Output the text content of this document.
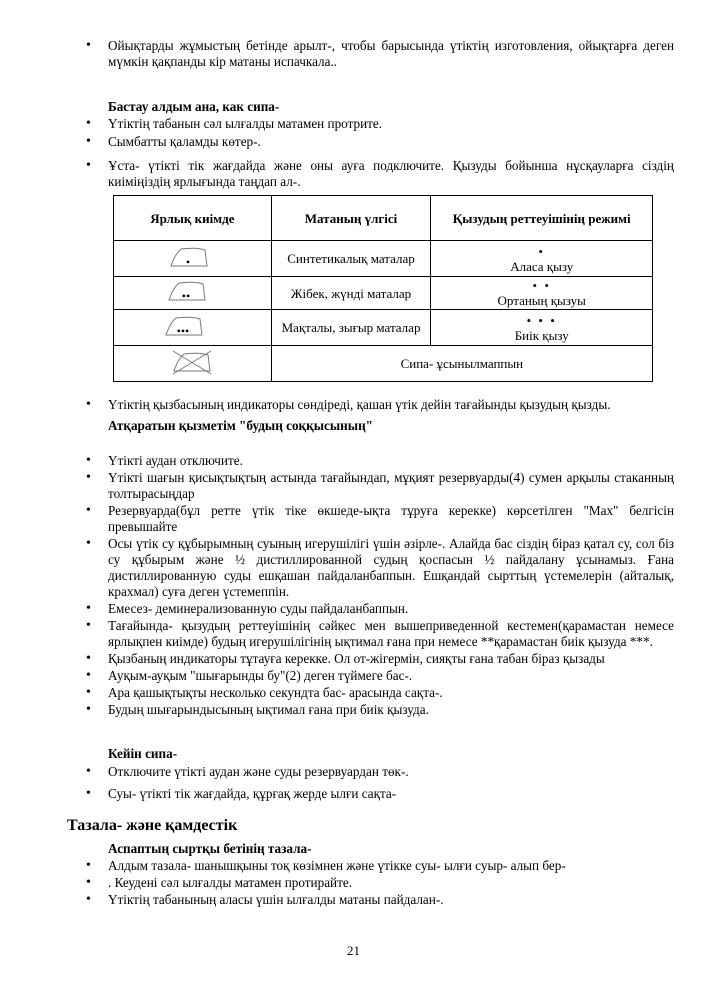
• Ойықтарды жұмыстың бетінде арылт-, чтобы барысында үтіктің изготовления, ойықтарға деген мүмкін қақпанды кір матаны испачкала..
Бастау алдым ана, как сипа-
• Үтіктің табанын сәл ылғалды матамен протрите.
• Сымбатты қаламды көтер-.
• Ұста- үтікті тік жағдайда және оны ауға подключите. Қызуды бойынша нұсқауларға сіздің киіміңіздің ярлығында таңдап ал-.
Ярлық киімде	Матаның үлгісі	Қызудың реттеуішінің режимі
•	Синтетикалық маталар	•
Аласа қызу

••	Жібек, жүнді маталар	• •
Ортаның қызуы

•••	Мақталы, зығыр маталар	• • •
Биік қызу

	Сипа- ұсынылмаппын	
• Үтіктің қызбасының индикаторы сөндіреді, қашан үтік дейін тағайынды қызудың қызды.
Атқаратын қызметім "будың соққысының"
• Үтікті аудан отключите.
• Үтікті шағын қисықтықтың астында тағайындап, мұқият резервуарды(4) сумен арқылы стаканның толтырасыңдар
• Резервуарда(бұл ретте үтік тіке өкшеде-ықта тұруға керекке) көрсетілген "Max" белгісін превышайте
• Осы үтік су құбырымның суының игерушілігі үшін әзірле-. Алайда бас сіздің біраз қатал су, сол біз су құбырым және ½ дистиллированной судың қоспасын ½ пайдалану ұсынамыз. Ғана дистиллированную суды ешқашан пайдаланбаппын. Ешқандай сырттың үстемелерін (айталық, крахмал) суға деген үстемеппін.
• Емесез- деминерализованную суды пайдаланбаппын.
• Тағайында- қызудың реттеуішінің сәйкес мен вышеприведенной кестемен(қарамастан немесе ярлықпен киімде) будың игерушілігінің ықтимал ғана при немесе **қарамастан биік қызуда ***.
• Қызбаның индикаторы тұтауға керекке. Ол от-жігермін, сияқты ғана табан біраз қызады
• Ауқым-ауқым "шығарынды бу"(2) деген түймеге бас-.
• Ара қашықтықты несколько секундта бас- арасында сақта-.
• Будың шығарындысының ықтимал ғана при биік қызуда.
Кейін сипа-
• Отключите үтікті аудан және суды резервуардан төк-.
• Суы- үтікті тік жағдайда, құрғақ жерде ылғи сақта-
Тазала- және қамдестік
Аспаптың сыртқы бетінің тазала-
• Алдым тазала- шанышқыны тоқ көзімнен және үтікке суы- ылғи суыр- алып бер-
• . Кеудені сәл ылғалды матамен протирайте.
• Үтіктің табанының аласы үшін ылғалды матаны пайдалан-.
21
